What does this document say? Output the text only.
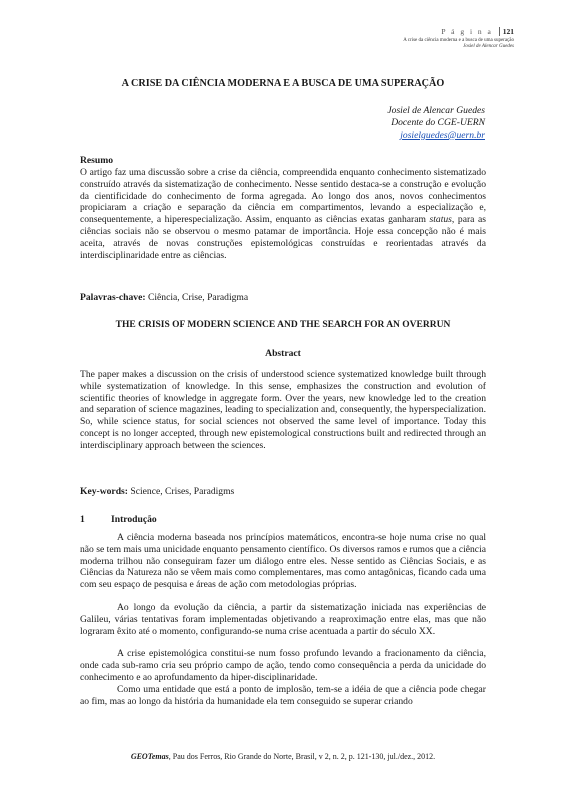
P á g i n a 121
A crise da ciência moderna e a busca de uma superação
Josiel de Alencar Guedes
A CRISE DA CIÊNCIA MODERNA E A BUSCA DE UMA SUPERAÇÃO
Josiel de Alencar Guedes
Docente do CGE-UERN
josielguedes@uern.br
Resumo
O artigo faz uma discussão sobre a crise da ciência, compreendida enquanto conhecimento sistematizado construído através da sistematização de conhecimento. Nesse sentido destaca-se a construção e evolução da cientificidade do conhecimento de forma agregada. Ao longo dos anos, novos conhecimentos propiciaram a criação e separação da ciência em compartimentos, levando a especialização e, consequentemente, a hiperespecialização. Assim, enquanto as ciências exatas ganharam status, para as ciências sociais não se observou o mesmo patamar de importância. Hoje essa concepção não é mais aceita, através de novas construções epistemológicas construídas e reorientadas através da interdisciplinaridade entre as ciências.
Palavras-chave: Ciência, Crise, Paradigma
THE CRISIS OF MODERN SCIENCE AND THE SEARCH FOR AN OVERRUN
Abstract
The paper makes a discussion on the crisis of understood science systematized knowledge built through while systematization of knowledge. In this sense, emphasizes the construction and evolution of scientific theories of knowledge in aggregate form. Over the years, new knowledge led to the creation and separation of science magazines, leading to specialization and, consequently, the hyperspecialization. So, while science status, for social sciences not observed the same level of importance. Today this concept is no longer accepted, through new epistemological constructions built and redirected through an interdisciplinary approach between the sciences.
Key-words: Science, Crises, Paradigms
1	Introdução

A ciência moderna baseada nos princípios matemáticos, encontra-se hoje numa crise no qual não se tem mais uma unicidade enquanto pensamento científico. Os diversos ramos e rumos que a ciência moderna trilhou não conseguiram fazer um diálogo entre eles. Nesse sentido as Ciências Sociais, e as Ciências da Natureza não se vêem mais como complementares, mas como antagônicas, ficando cada uma com seu espaço de pesquisa e áreas de ação com metodologias próprias.

Ao longo da evolução da ciência, a partir da sistematização iniciada nas experiências de Galileu, várias tentativas foram implementadas objetivando a reaproximação entre elas, mas que não lograram êxito até o momento, configurando-se numa crise acentuada a partir do século XX.

A crise epistemológica constitui-se num fosso profundo levando a fracionamento da ciência, onde cada sub-ramo cria seu próprio campo de ação, tendo como consequência a perda da unicidade do conhecimento e ao aprofundamento da hiper-disciplinaridade.

Como uma entidade que está a ponto de implosão, tem-se a idéia de que a ciência pode chegar ao fim, mas ao longo da história da humanidade ela tem conseguido se superar criando

GEOTemas, Pau dos Ferros, Rio Grande do Norte, Brasil, v 2, n. 2, p. 121-130, jul./dez., 2012.
